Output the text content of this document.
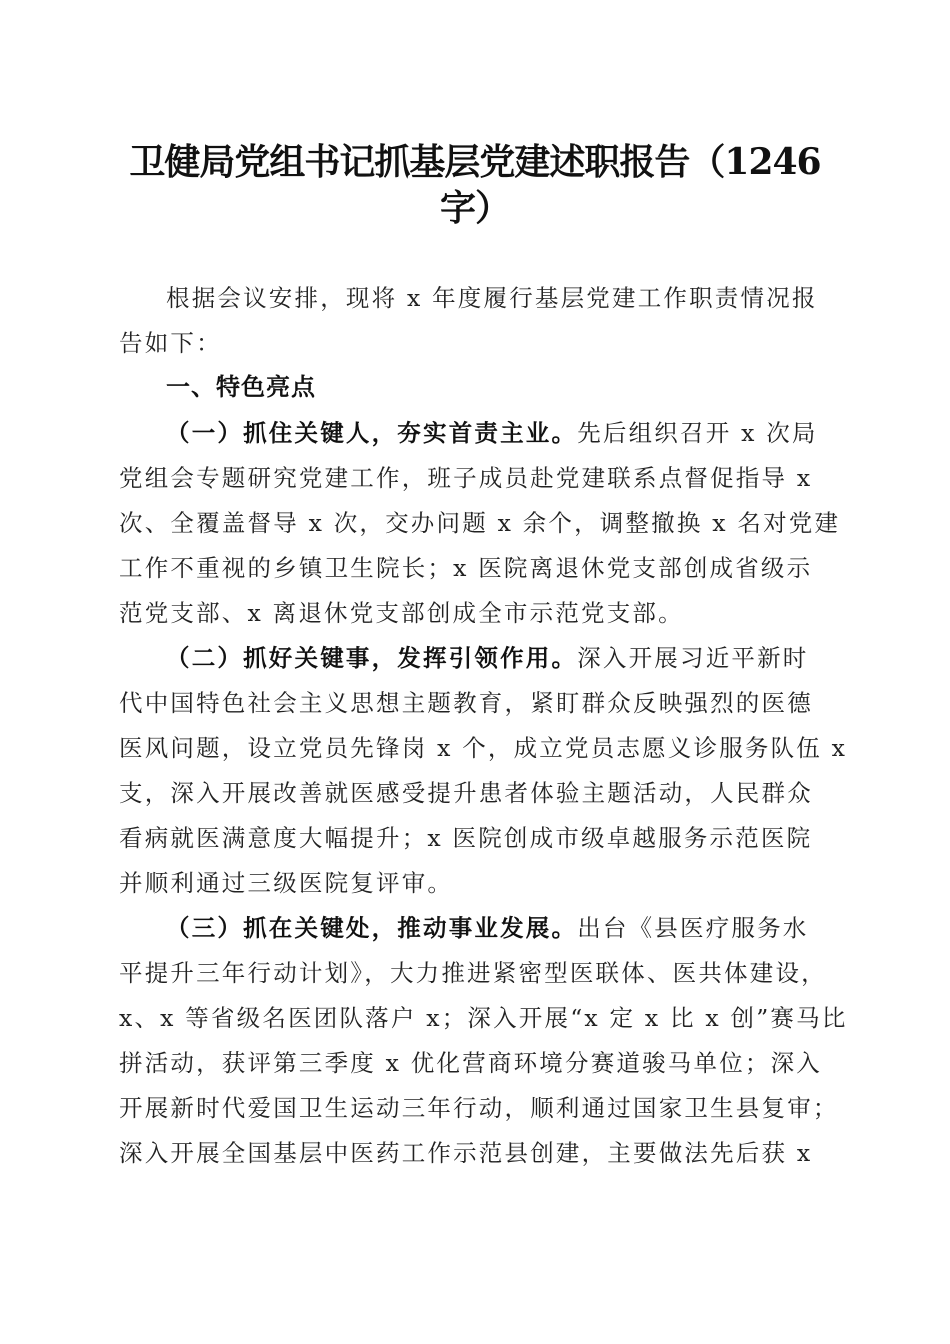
卫健局党组书记抓基层党建述职报告（1246
字）
根据会议安排，现将 x 年度履行基层党建工作职责情况报
告如下：
一、特色亮点
（一）抓住关键人，夯实首责主业。先后组织召开 x 次局
党组会专题研究党建工作，班子成员赴党建联系点督促指导 x
次、全覆盖督导 x 次，交办问题 x 余个，调整撤换 x 名对党建
工作不重视的乡镇卫生院长；x 医院离退休党支部创成省级示
范党支部、x 离退休党支部创成全市示范党支部。
（二）抓好关键事，发挥引领作用。深入开展习近平新时
代中国特色社会主义思想主题教育，紧盯群众反映强烈的医德
医风问题，设立党员先锋岗 x 个，成立党员志愿义诊服务队伍 x
支，深入开展改善就医感受提升患者体验主题活动，人民群众
看病就医满意度大幅提升；x 医院创成市级卓越服务示范医院
并顺利通过三级医院复评审。
（三）抓在关键处，推动事业发展。出台《县医疗服务水
平提升三年行动计划》，大力推进紧密型医联体、医共体建设，
x、x 等省级名医团队落户 x；深入开展“x 定 x 比 x 创”赛马比
拼活动，获评第三季度 x 优化营商环境分赛道骏马单位；深入
开展新时代爱国卫生运动三年行动，顺利通过国家卫生县复审；
深入开展全国基层中医药工作示范县创建，主要做法先后获 x
